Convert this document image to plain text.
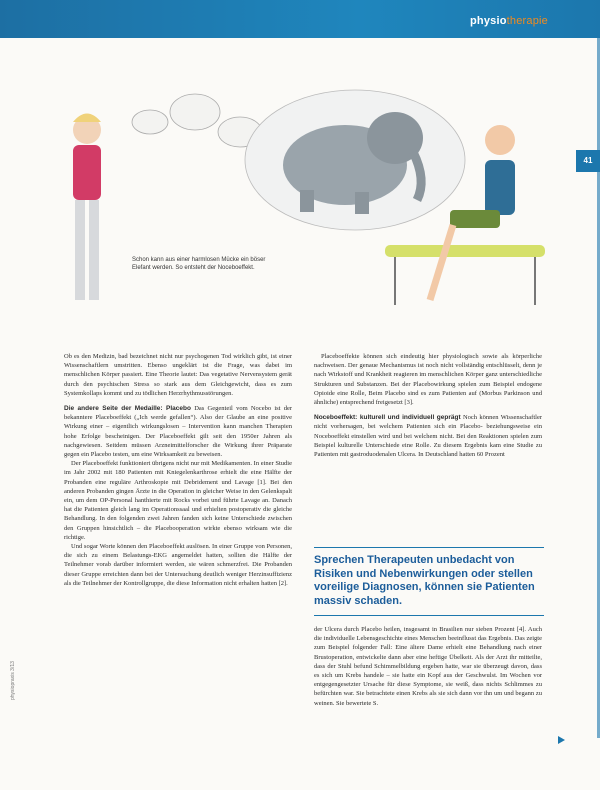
physiotherapie
41
Schon kann aus einer harmlosen Mücke ein böser Elefant werden. So entsteht der Noceboeffekt.

Ob es den Medizin, bad bezeichnet nicht nur psychogenen Tod wirklich gibt, ist einer Wissenschaftlern umstritten. Ebenso ungeklärt ist die Frage, was dabei im menschlichen Körper passiert. Eine Theorie lautet: Das vegetative Nervensystem gerät durch den psychischen Stress so stark aus dem Gleichgewicht, dass es zum Systemkollaps kommt und zu tödlichen Herzrhythmusstörungen.

Die andere Seite der Medaille: Placebo Das Gegenteil vom Nocebo ist der bekanntere Placeboeffekt („Ich werde gefallen“). Also der Glaube an eine positive Wirkung einer – eigentlich wirkungslosen – Intervention kann manchen Therapien hohe Erfolge bescheinigen. Der Placeboeffekt gilt seit den 1950er Jahren als nachgewiesen. Seitdem müssen Arzneimittelforscher die Wirkung ihrer Präparate gegen ein Placebo testen, um eine Wirksamkeit zu beweisen.

Der Placeboeffekt funktioniert übrigens nicht nur mit Medikamenten. In einer Studie im Jahr 2002 mit 180 Patienten mit Kniegelenkarthrose erhielt die eine Hälfte der Probanden eine reguläre Arthroskopie mit Debridement und Lavage [1]. Bei den anderen Probanden gingen Ärzte in die Operation in gleicher Weise in den Gelenkspalt ein, um dem OP-Personal hanthierte mit Rocks vorbei und führte Lavage an. Danach hat die Patienten gleich lang im Operationssaal und erhielten postoperativ die gleiche Behandlung. In den folgenden zwei Jahren fanden sich keine Unterschiede zwischen den Gruppen hinsichtlich – die Placebooperation wirkte ebenso wirksam wie die richtige.

Und sogar Worte können den Placeboeffekt auslösen. In einer Gruppe von Personen, die sich zu einem Belastungs-EKG angemeldet hatten, sollten die Hälfte der Teilnehmer vorab darüber informiert werden, sie wären schmerzfrei. Die Probanden dieser Gruppe erreichten dann bei der Untersuchung deutlich weniger Herzinsuffizienz als die Teilnehmer der Kontrollgruppe, die diese Information nicht erhalten hatten [2].

Placeboeffekte können sich eindeutig hier physiologisch sowie als körperliche nachweisen. Der genaue Mechanismus ist noch nicht vollständig entschlüsselt, denn je nach Wirkstoff und Krankheit reagieren im menschlichen Körper ganz unterschiedliche Strukturen und Substanzen. Bei der Placebowirkung spielen zum Beispiel endogene Opioide eine Rolle, Beim Placebo sind es zum Patienten auf (Morbus Parkinson und ähnliche) entsprechend freigesetzt [3].

Noceboeffekt: kulturell und individuell geprägt Noch können Wissenschaftler nicht vorhersagen, bei welchem Patienten sich ein Placebo- beziehungsweise ein Noceboeffekt einstellen wird und bei welchem nicht. Bei den Reaktionen spielen zum Beispiel kulturelle Unterschiede eine Rolle. Zu diesem Ergebnis kam eine Studie zu Patienten mit gastroduodenalen Ulcera. In Deutschland hatten 60 Prozent

Sprechen Therapeuten unbedacht von Risiken und Nebenwirkungen oder stellen voreilige Diagnosen, können sie Patienten massiv schaden.

der Ulcera durch Placebo heilen, insgesamt in Brasilien nur sieben Prozent [4]. Auch die individuelle Lebensgeschichte eines Menschen beeinflusst das Ergebnis. Das zeigte zum Beispiel folgender Fall: Eine ältere Dame erhielt eine Behandlung nach einer Brustoperation, entwickelte dann aber eine heftige Übelkeit. Als der Arzt ihr mitteilte, dass der Stuhl befund Schimmelbildung ergeben hatte, war sie überzeugt davon, dass es sich um Krebs handele – sie hatte ein Kopf aus der Geschwulst. Im Wochen vor entgegengesetzter Ursache für diese Symptome, sie weiß, dass nichts Schlimmes zu befürchten war. Sie betrachtete einen Krebs als sie sich dann vor ihn um und begann zu weinen. Sie bewertete S.

physiopraxis 3/13
